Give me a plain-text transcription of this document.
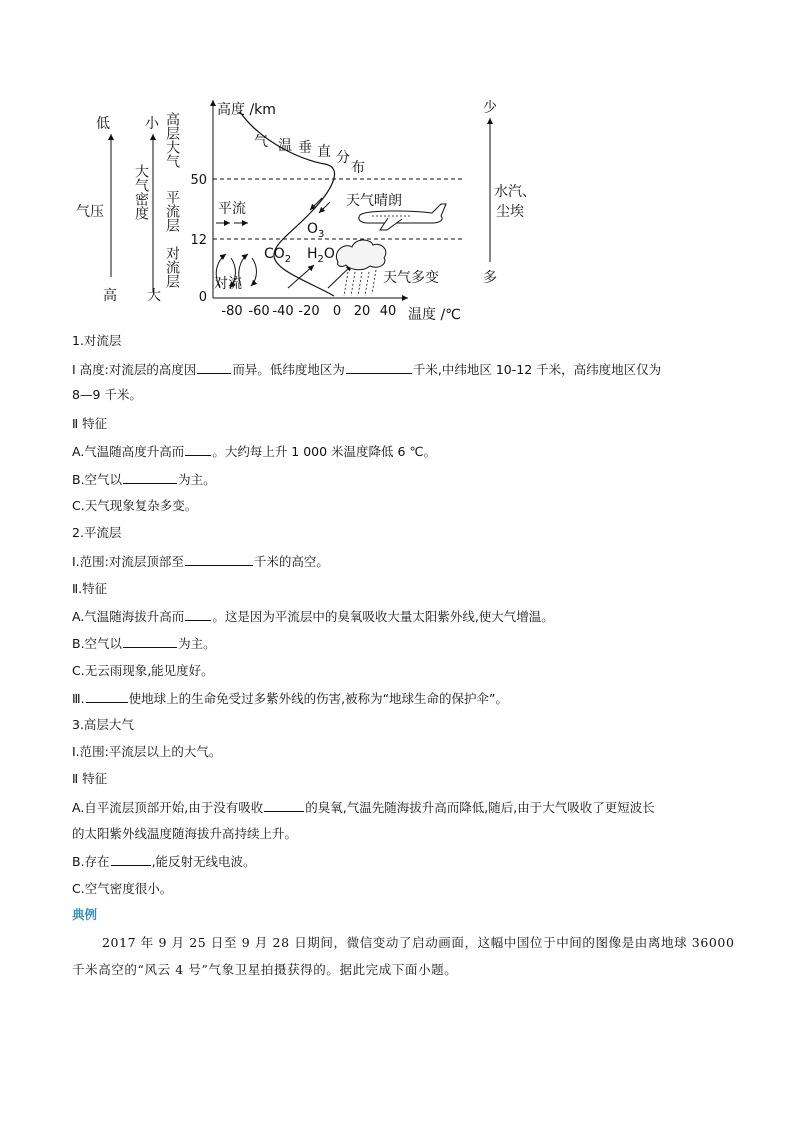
低
气压
高
小
大气密度
大
高层大气
平流层
对流层
高度 /km
50
12
0
-80 -60 -40 -20 0 20 40 温度 /℃
气 温 垂 直 分
布
平流
$O_3$
天气晴朗
$CO_2$ $H_2O$
天气多变
对流
少
水汽、
尘埃
多
1.对流层
Ⅰ 高度:对流层的高度因	而异。低纬度地区为	千米,中纬地区 10-12 千米，高纬度地区仅为
8—9 千米。
Ⅱ 特征
A.气温随高度升高而 。大约每上升 1 000 米温度降低 6 ℃。
B.空气以	为主。
C.天气现象复杂多变。
2.平流层
Ⅰ.范围:对流层顶部至	千米的高空。
Ⅱ.特征
A.气温随海拔升高而 。这是因为平流层中的臭氧吸收大量太阳紫外线,使大气增温。
B.空气以	为主。
C.无云雨现象,能见度好。
Ⅲ.	使地球上的生命免受过多紫外线的伤害,被称为“地球生命的保护伞”。
3.高层大气
Ⅰ.范围:平流层以上的大气。
Ⅱ 特征
A.自平流层顶部开始,由于没有吸收	的臭氧,气温先随海拔升高而降低,随后,由于大气吸收了更短波长
的太阳紫外线温度随海拔升高持续上升。
B.存在	,能反射无线电波。
C.空气密度很小。
典例
2017 年 9 月 25 日至 9 月 28 日期间，微信变动了启动画面，这幅中国位于中间的图像是由离地球 36000
千米高空的“风云 4 号”气象卫星拍摄获得的。据此完成下面小题。
